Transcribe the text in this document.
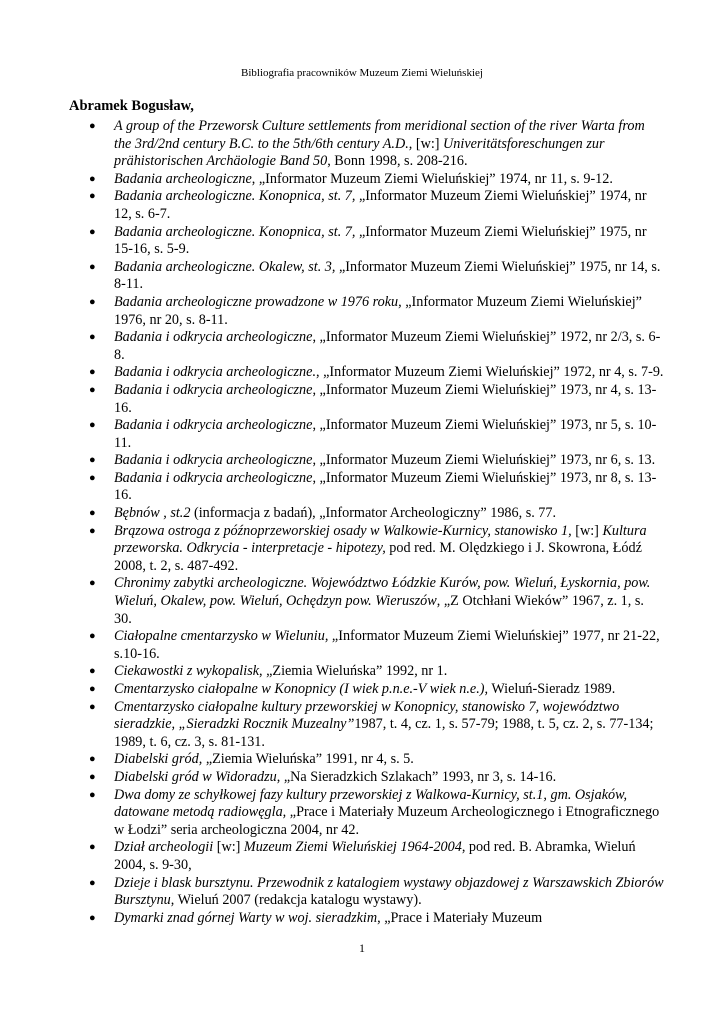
Bibliografia pracowników Muzeum Ziemi Wieluńskiej
Abramek Bogusław,
● A group of the Przeworsk Culture settlements from meridional section of the river Warta from the 3rd/2nd century B.C. to the 5th/6th century A.D., [w:] Univeritätsforeschungen zur prähistorischen Archäologie Band 50, Bonn 1998, s. 208-216.
● Badania archeologiczne, „Informator Muzeum Ziemi Wieluńskiej” 1974, nr 11, s. 9-12.
● Badania archeologiczne. Konopnica, st. 7, „Informator Muzeum Ziemi Wieluńskiej” 1974, nr 12, s. 6-7.
● Badania archeologiczne. Konopnica, st. 7, „Informator Muzeum Ziemi Wieluńskiej” 1975, nr 15-16, s. 5-9.
● Badania archeologiczne. Okalew, st. 3, „Informator Muzeum Ziemi Wieluńskiej” 1975, nr 14, s. 8-11.
● Badania archeologiczne prowadzone w 1976 roku, „Informator Muzeum Ziemi Wieluńskiej” 1976, nr 20, s. 8-11.
● Badania i odkrycia archeologiczne, „Informator Muzeum Ziemi Wieluńskiej” 1972, nr 2/3, s. 6-8.
● Badania i odkrycia archeologiczne., „Informator Muzeum Ziemi Wieluńskiej” 1972, nr 4, s. 7-9.
● Badania i odkrycia archeologiczne, „Informator Muzeum Ziemi Wieluńskiej” 1973, nr 4, s. 13-16.
● Badania i odkrycia archeologiczne, „Informator Muzeum Ziemi Wieluńskiej” 1973, nr 5, s. 10-11.
● Badania i odkrycia archeologiczne, „Informator Muzeum Ziemi Wieluńskiej” 1973, nr 6, s. 13.
● Badania i odkrycia archeologiczne, „Informator Muzeum Ziemi Wieluńskiej” 1973, nr 8, s. 13-16.
● Bębnów , st.2 (informacja z badań), „Informator Archeologiczny” 1986, s. 77.
● Brązowa ostroga z późnoprzeworskiej osady w Walkowie-Kurnicy, stanowisko 1, [w:] Kultura przeworska. Odkrycia - interpretacje - hipotezy, pod red. M. Olędzkiego i J. Skowrona, Łódź 2008, t. 2, s. 487-492.
● Chronimy zabytki archeologiczne. Województwo Łódzkie Kurów, pow. Wieluń, Łyskornia, pow. Wieluń, Okalew, pow. Wieluń, Ochędzyn pow. Wieruszów, „Z Otchłani Wieków” 1967, z. 1, s. 30.
● Ciałopalne cmentarzysko w Wieluniu, „Informator Muzeum Ziemi Wieluńskiej” 1977, nr 21-22, s.10-16.
● Ciekawostki z wykopalisk, „Ziemia Wieluńska” 1992, nr 1.
● Cmentarzysko ciałopalne w Konopnicy (I wiek p.n.e.-V wiek n.e.), Wieluń-Sieradz 1989.
● Cmentarzysko ciałopalne kultury przeworskiej w Konopnicy, stanowisko 7, województwo sieradzkie, „Sieradzki Rocznik Muzealny”1987, t. 4, cz. 1, s. 57-79; 1988, t. 5, cz. 2, s. 77-134; 1989, t. 6, cz. 3, s. 81-131.
● Diabelski gród, „Ziemia Wieluńska” 1991, nr 4, s. 5.
● Diabelski gród w Widoradzu, „Na Sieradzkich Szlakach” 1993, nr 3, s. 14-16.
● Dwa domy ze schyłkowej fazy kultury przeworskiej z Walkowa-Kurnicy, st.1, gm. Osjaków, datowane metodą radiowęgla, „Prace i Materiały Muzeum Archeologicznego i Etnograficznego w Łodzi” seria archeologiczna 2004, nr 42.
● Dział archeologii [w:] Muzeum Ziemi Wieluńskiej 1964-2004, pod red. B. Abramka, Wieluń 2004, s. 9-30,
● Dzieje i blask bursztynu. Przewodnik z katalogiem wystawy objazdowej z Warszawskich Zbiorów Bursztynu, Wieluń 2007 (redakcja katalogu wystawy).
● Dymarki znad górnej Warty w woj. sieradzkim, „Prace i Materiały Muzeum
1
